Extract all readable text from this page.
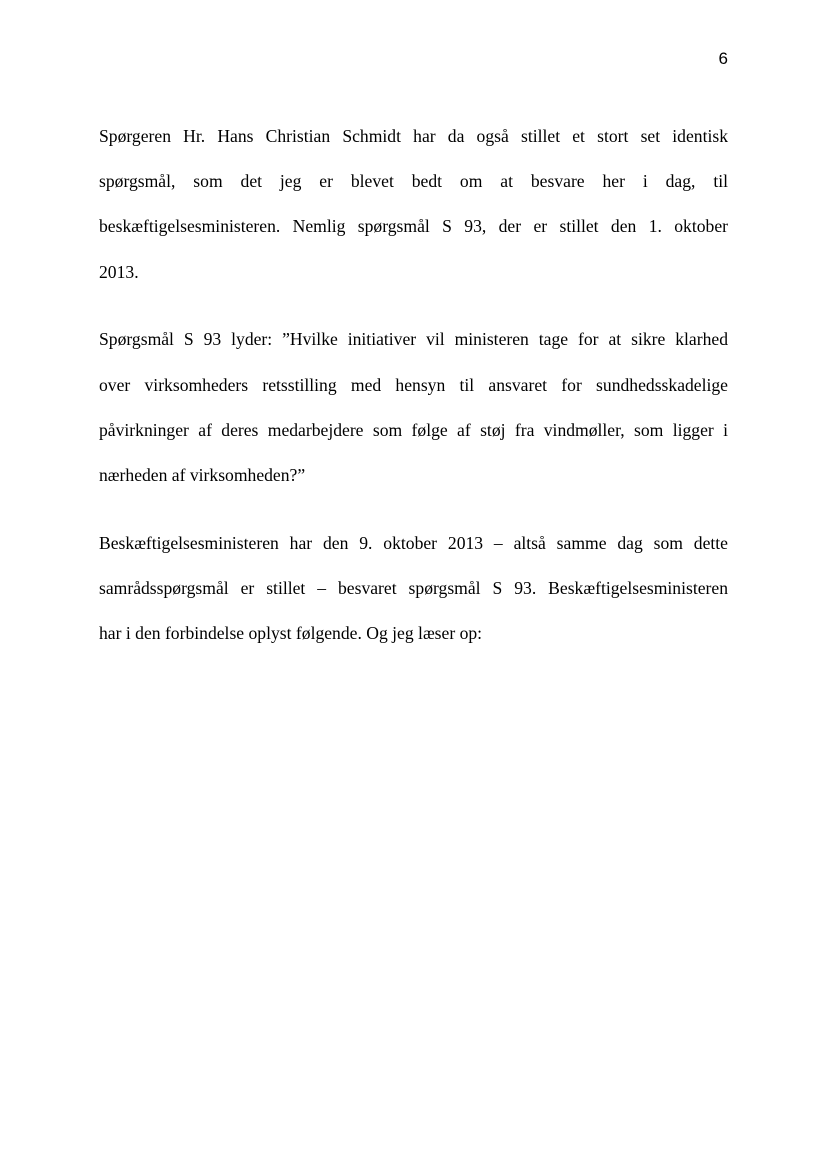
6

Spørgeren Hr. Hans Christian Schmidt har da også stillet et stort set identisk
spørgsmål, som det jeg er blevet bedt om at besvare her i dag, til
beskæftigelsesministeren. Nemlig spørgsmål S 93, der er stillet den 1. oktober
2013.

Spørgsmål S 93 lyder: ”Hvilke initiativer vil ministeren tage for at sikre klarhed
over virksomheders retsstilling med hensyn til ansvaret for sundhedsskadelige
påvirkninger af deres medarbejdere som følge af støj fra vindmøller, som ligger i
nærheden af virksomheden?”

Beskæftigelsesministeren har den 9. oktober 2013 – altså samme dag som dette
samrådsspørgsmål er stillet – besvaret spørgsmål S 93. Beskæftigelsesministeren
har i den forbindelse oplyst følgende. Og jeg læser op:
